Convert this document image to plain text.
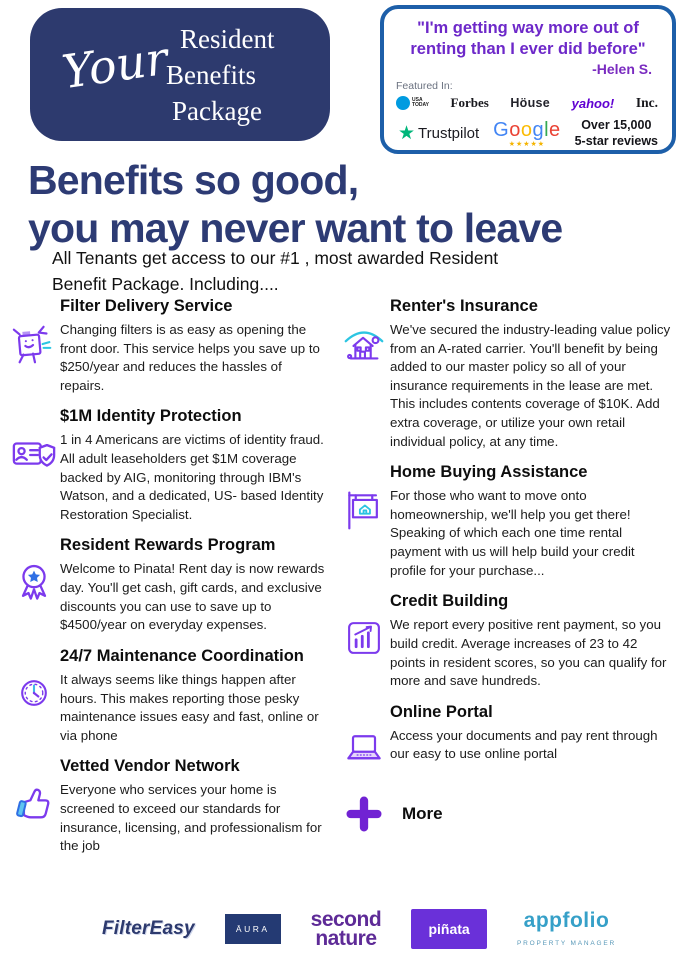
Your Resident
Benefits
Package
"I'm getting way more out of
renting than I ever did before"
-Helen S.
Featured In:
USA
TODAY Forbes Höuse yahoo! Inc.
★ Trustpilot Google
★★★★★
Over 15,000
5-star reviews
Benefits so good,
you may never want to leave
All Tenants get access to our #1 , most awarded Resident
Benefit Package. Including....
Filter Delivery Service
Changing filters is as easy as opening the front door. This service helps you save up to $250/year and reduces the hassles of repairs.
$1M Identity Protection
1 in 4 Americans are victims of identity fraud. All adult leaseholders get $1M coverage backed by AIG, monitoring through IBM's Watson, and a dedicated, US- based Identity Restoration Specialist.
Resident Rewards Program
Welcome to Pinata! Rent day is now rewards day. You'll get cash, gift cards, and exclusive discounts you can use to save up to $4500/year on everyday expenses.
24/7 Maintenance Coordination
It always seems like things happen after hours. This makes reporting those pesky maintenance issues easy and fast, online or via phone
Vetted Vendor Network
Everyone who services your home is screened to exceed our standards for insurance, licensing, and professionalism for the job
Renter's Insurance
We've secured the industry-leading value policy from an A-rated carrier. You'll benefit by being added to our master policy so all of your insurance requirements in the lease are met. This includes contents coverage of $10K. Add extra coverage, or utilize your own retail individual policy, at any time.
Home Buying Assistance
For those who want to move onto homeownership, we'll help you get there! Speaking of which each one time rental payment with us will help build your credit profile for your purchase...
Credit Building
We report every positive rent payment, so you build credit. Average increases of 23 to 42 points in resident scores, so you can qualify for more and save hundreds.
Online Portal
Access your documents and pay rent through our easy to use online portal
More
FilterEasy	ĀURA	second
nature	piñata	appfolio
PROPERTY MANAGER
